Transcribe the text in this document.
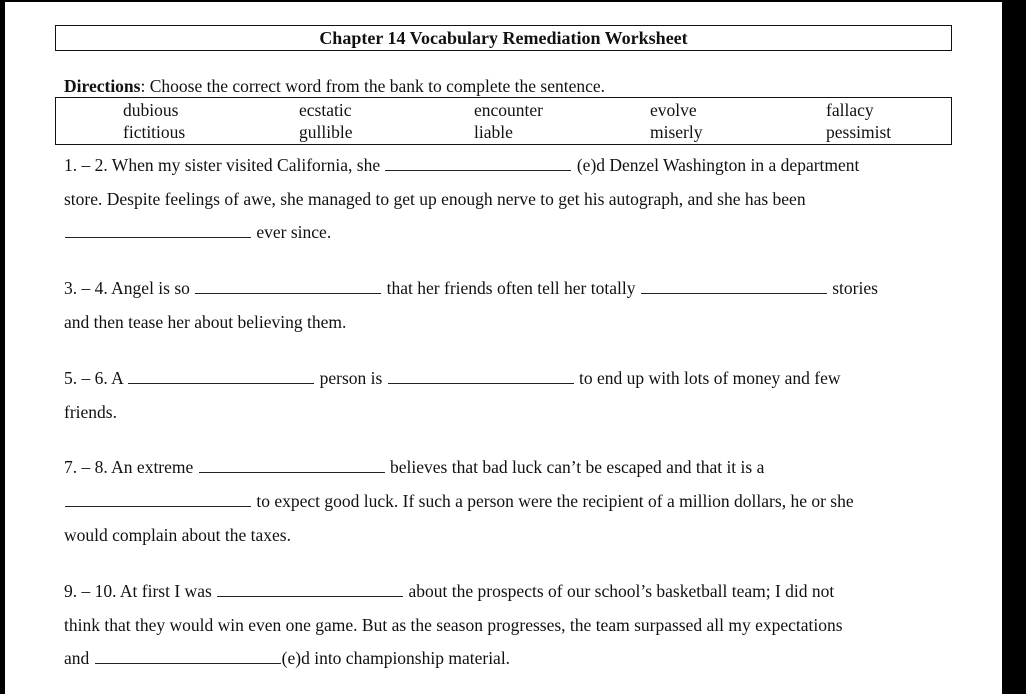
Chapter 14 Vocabulary Remediation Worksheet
Directions: Choose the correct word from the bank to complete the sentence.
dubious	ecstatic	encounter	evolve	fallacy
fictitious	gullible	liable	miserly	pessimist
1. – 2. When my sister visited California, she	(e)d Denzel Washington in a department
store. Despite feelings of awe, she managed to get up enough nerve to get his autograph, and she has been
ever since.
3. – 4. Angel is so	that her friends often tell her totally	stories
and then tease her about believing them.
5. – 6. A	person is	to end up with lots of money and few
friends.
7. – 8. An extreme	believes that bad luck can’t be escaped and that it is a
to expect good luck. If such a person were the recipient of a million dollars, he or she
would complain about the taxes.
9. – 10. At first I was	about the prospects of our school’s basketball team; I did not
think that they would win even one game. But as the season progresses, the team surpassed all my expectations
and	(e)d into championship material.
